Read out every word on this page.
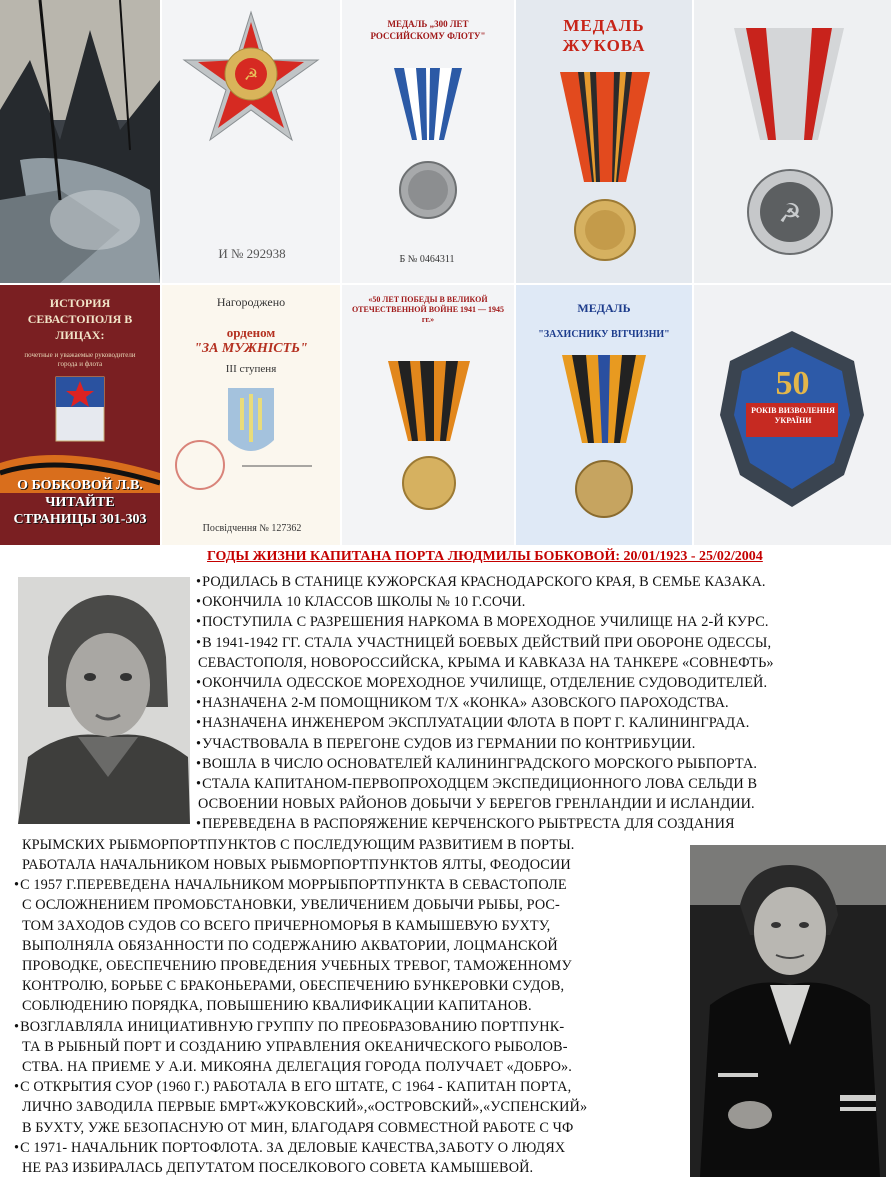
☭
И № 292938
МЕДАЛЬ „300 ЛЕТ РОССИЙСКОМУ ФЛОТУ"
Б № 0464311
МЕДАЛЬ
ЖУКОВА
☭
ИСТОРИЯ СЕВАСТОПОЛЯ В ЛИЦАХ:
почетные и уважаемые руководители города и флота
О БОБКОВОЙ Л.В.
ЧИТАЙТЕ
СТРАНИЦЫ 301-303
Нагороджено
орденом
"ЗА МУЖНІСТЬ"
III ступеня
Посвідчення № 127362
«50 ЛЕТ ПОБЕДЫ В ВЕЛИКОЙ ОТЕЧЕСТВЕННОЙ ВОЙНЕ 1941 — 1945 гг.»
МЕДАЛЬ
"ЗАХИСНИКУ ВІТЧИЗНИ"
50
РОКІВ ВИЗВОЛЕННЯ УКРАЇНИ
ГОДЫ ЖИЗНИ КАПИТАНА ПОРТА ЛЮДМИЛЫ БОБКОВОЙ: 20/01/1923 - 25/02/2004
• РОДИЛАСЬ В СТАНИЦЕ КУЖОРСКАЯ КРАСНОДАРСКОГО КРАЯ, В СЕМЬЕ КАЗАКА.
• ОКОНЧИЛА 10 КЛАССОВ ШКОЛЫ № 10 Г.СОЧИ.
• ПОСТУПИЛА С РАЗРЕШЕНИЯ НАРКОМА В МОРЕХОДНОЕ УЧИЛИЩЕ НА 2-Й КУРС.
• В 1941-1942 ГГ. СТАЛА УЧАСТНИЦЕЙ БОЕВЫХ ДЕЙСТВИЙ ПРИ ОБОРОНЕ ОДЕССЫ,
СЕВАСТОПОЛЯ, НОВОРОССИЙСКА, КРЫМА И КАВКАЗА НА ТАНКЕРЕ «СОВНЕФТЬ»
• ОКОНЧИЛА ОДЕССКОЕ МОРЕХОДНОЕ УЧИЛИЩЕ, ОТДЕЛЕНИЕ СУДОВОДИТЕЛЕЙ.
• НАЗНАЧЕНА 2-М ПОМОЩНИКОМ Т/Х «КОНКА» АЗОВСКОГО ПАРОХОДСТВА.
• НАЗНАЧЕНА ИНЖЕНЕРОМ ЭКСПЛУАТАЦИИ ФЛОТА В ПОРТ Г. КАЛИНИНГРАДА.
• УЧАСТВОВАЛА В ПЕРЕГОНЕ СУДОВ ИЗ ГЕРМАНИИ ПО КОНТРИБУЦИИ.
• ВОШЛА В ЧИСЛО ОСНОВАТЕЛЕЙ КАЛИНИНГРАДСКОГО МОРСКОГО РЫБПОРТА.
• СТАЛА КАПИТАНОМ-ПЕРВОПРОХОДЦЕМ ЭКСПЕДИЦИОННОГО ЛОВА СЕЛЬДИ В
ОСВОЕНИИ НОВЫХ РАЙОНОВ ДОБЫЧИ У БЕРЕГОВ ГРЕНЛАНДИИ И ИСЛАНДИИ.
• ПЕРЕВЕДЕНА В РАСПОРЯЖЕНИЕ КЕРЧЕНСКОГО РЫБТРЕСТА ДЛЯ СОЗДАНИЯ
КРЫМСКИХ РЫБМОРПОРТПУНКТОВ С ПОСЛЕДУЮЩИМ РАЗВИТИЕМ В ПОРТЫ.
РАБОТАЛА НАЧАЛЬНИКОМ НОВЫХ РЫБМОРПОРТПУНКТОВ ЯЛТЫ, ФЕОДОСИИ
• С 1957 Г.ПЕРЕВЕДЕНА НАЧАЛЬНИКОМ МОРРЫБПОРТПУНКТА В СЕВАСТОПОЛЕ
С ОСЛОЖНЕНИЕМ ПРОМОБСТАНОВКИ, УВЕЛИЧЕНИЕМ ДОБЫЧИ РЫБЫ, РОС-
ТОМ ЗАХОДОВ СУДОВ СО ВСЕГО ПРИЧЕРНОМОРЬЯ В КАМЫШЕВУЮ БУХТУ,
ВЫПОЛНЯЛА ОБЯЗАННОСТИ ПО СОДЕРЖАНИЮ АКВАТОРИИ, ЛОЦМАНСКОЙ
ПРОВОДКЕ, ОБЕСПЕЧЕНИЮ ПРОВЕДЕНИЯ УЧЕБНЫХ ТРЕВОГ, ТАМОЖЕННОМУ
КОНТРОЛЮ, БОРЬБЕ С БРАКОНЬЕРАМИ, ОБЕСПЕЧЕНИЮ БУНКЕРОВКИ СУДОВ,
СОБЛЮДЕНИЮ ПОРЯДКА, ПОВЫШЕНИЮ КВАЛИФИКАЦИИ КАПИТАНОВ.
• ВОЗГЛАВЛЯЛА ИНИЦИАТИВНУЮ ГРУППУ ПО ПРЕОБРАЗОВАНИЮ ПОРТПУНК-
ТА В РЫБНЫЙ ПОРТ И СОЗДАНИЮ УПРАВЛЕНИЯ ОКЕАНИЧЕСКОГО РЫБОЛОВ-
СТВА. НА ПРИЕМЕ У А.И. МИКОЯНА ДЕЛЕГАЦИЯ ГОРОДА ПОЛУЧАЕТ «ДОБРО».
• С ОТКРЫТИЯ СУОР (1960 Г.) РАБОТАЛА В ЕГО ШТАТЕ, С 1964 - КАПИТАН ПОРТА,
ЛИЧНО ЗАВОДИЛА ПЕРВЫЕ БМРТ«ЖУКОВСКИЙ»,«ОСТРОВСКИЙ»,«УСПЕНСКИЙ»
В БУХТУ, УЖЕ БЕЗОПАСНУЮ ОТ МИН, БЛАГОДАРЯ СОВМЕСТНОЙ РАБОТЕ С ЧФ
• С 1971- НАЧАЛЬНИК ПОРТОФЛОТА. ЗА ДЕЛОВЫЕ КАЧЕСТВА,ЗАБОТУ О ЛЮДЯХ
НЕ РАЗ ИЗБИРАЛАСЬ ДЕПУТАТОМ ПОСЕЛКОВОГО СОВЕТА КАМЫШЕВОЙ.
